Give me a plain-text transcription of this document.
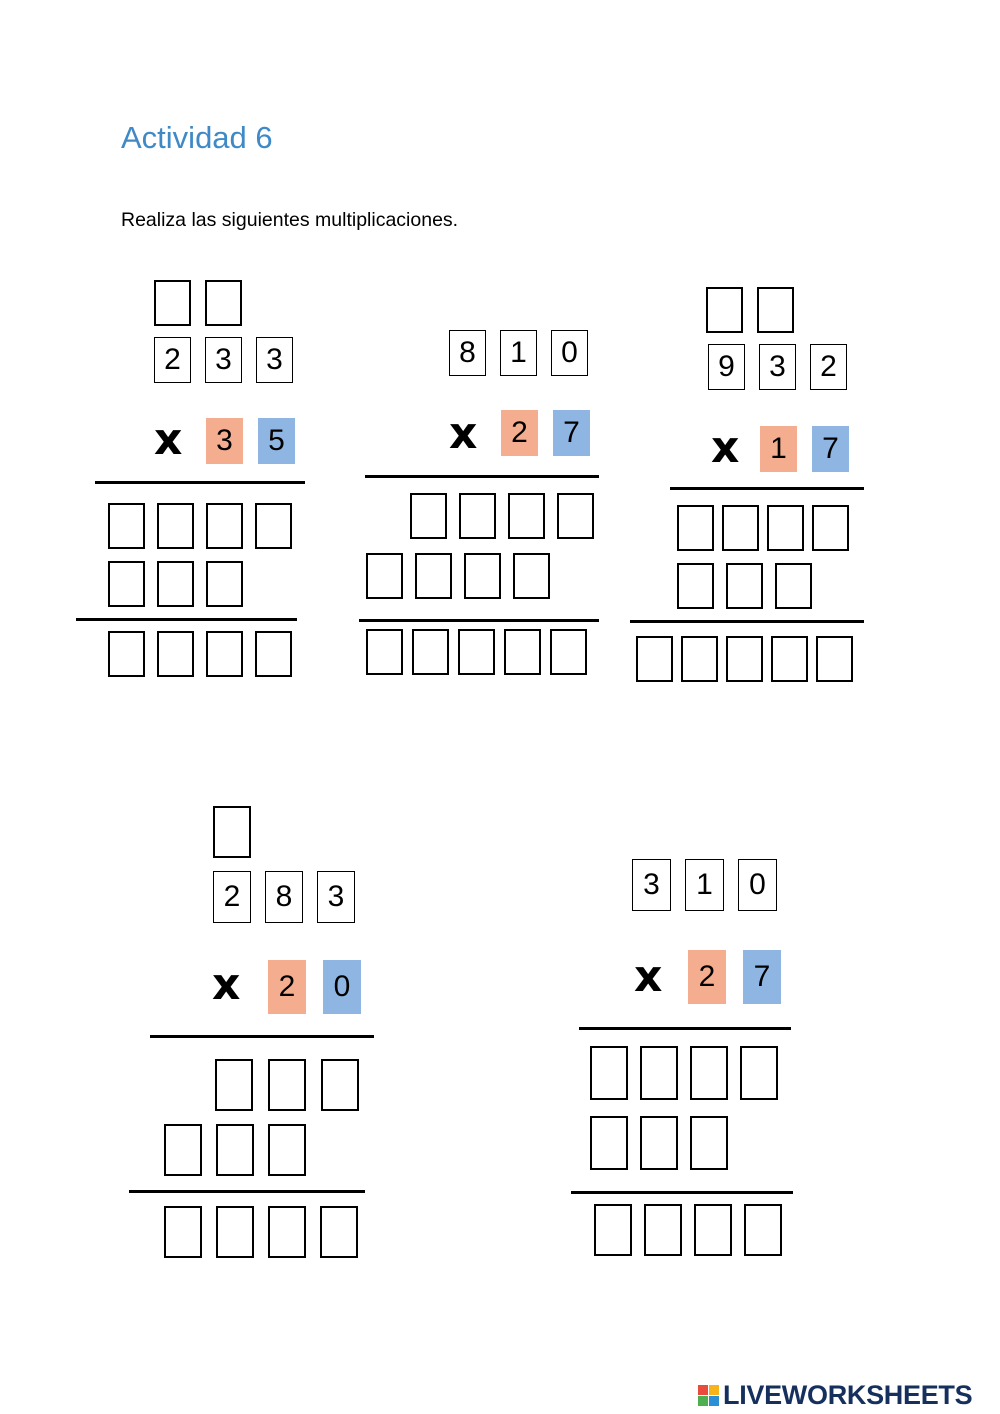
Actividad 6

Realiza las siguientes multiplicaciones.

2	3	3
x	3	5
8	1	0
x	2	7
9	3	2
x	1	7
2	8	3
x	2	0
3	1	0
x	2	7
LIVEWORKSHEETS
